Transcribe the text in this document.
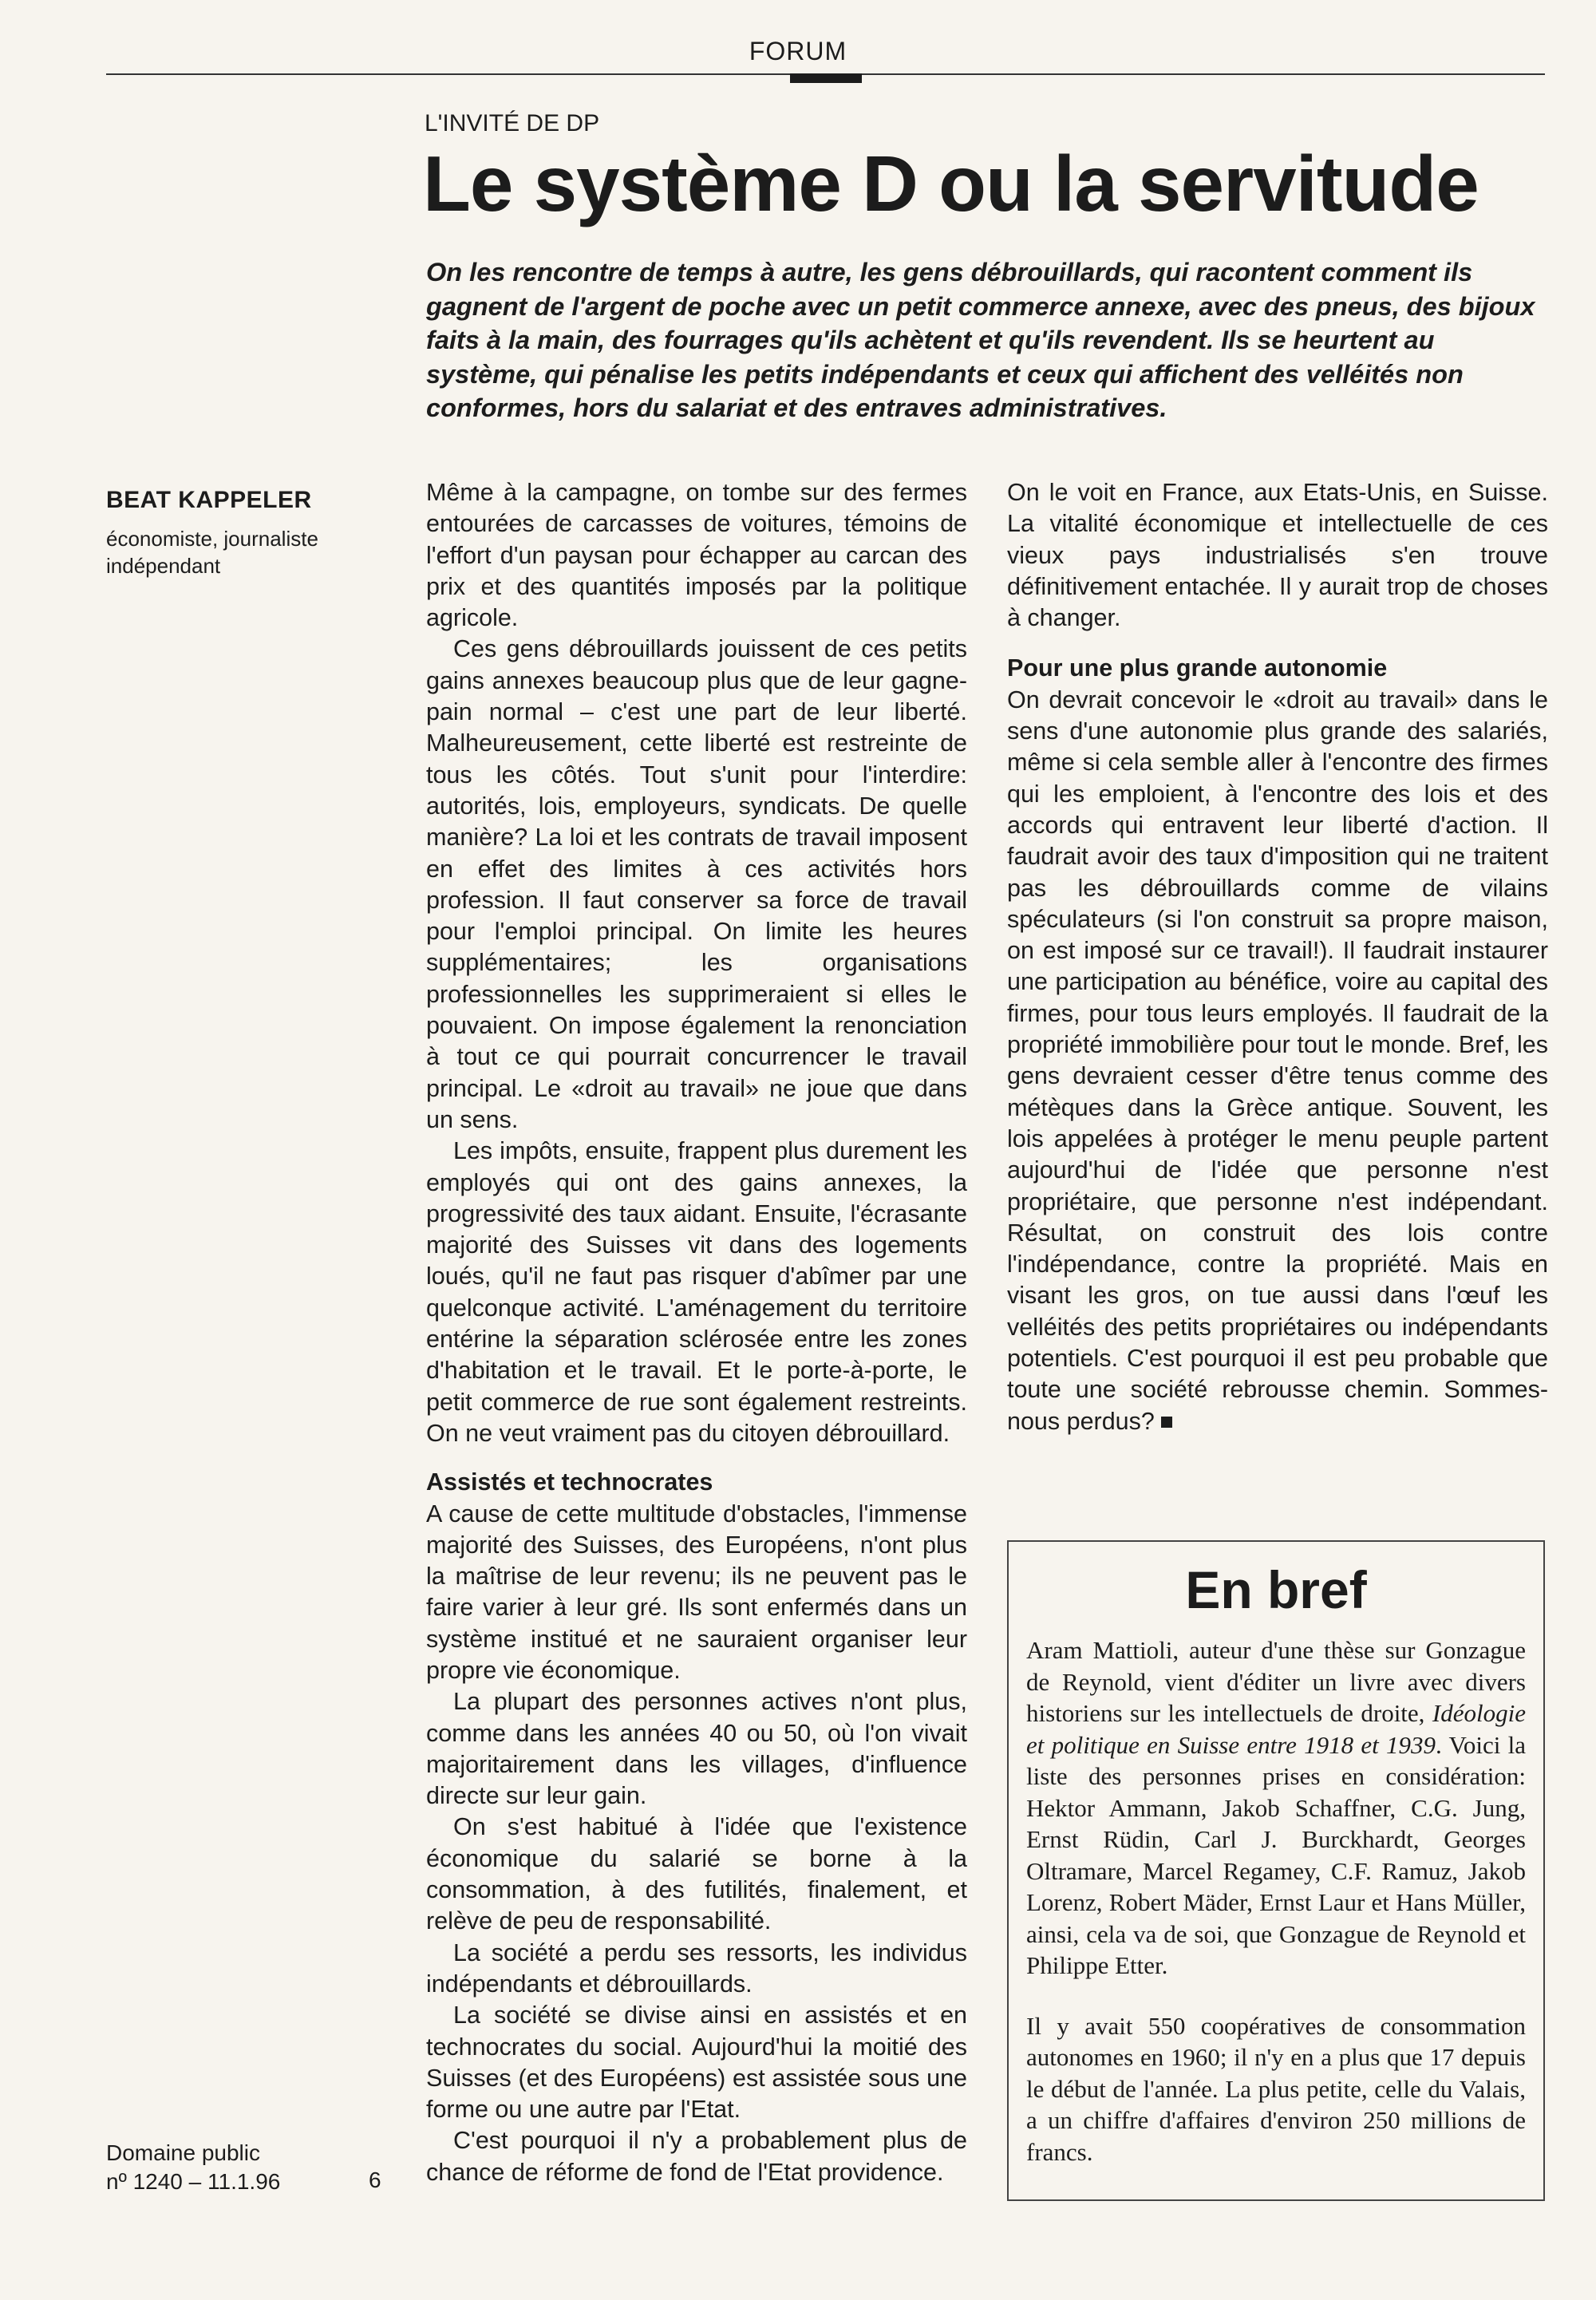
FORUM
L'INVITÉ DE DP
Le système D ou la servitude

On les rencontre de temps à autre, les gens débrouillards, qui racontent comment ils gagnent de l'argent de poche avec un petit commerce annexe, avec des pneus, des bijoux faits à la main, des fourrages qu'ils achètent et qu'ils revendent. Ils se heurtent au système, qui pénalise les petits indépendants et ceux qui affichent des velléités non conformes, hors du salariat et des entraves administratives.

BEAT KAPPELER
économiste, journaliste indépendant

Même à la campagne, on tombe sur des fermes entourées de carcasses de voitures, témoins de l'effort d'un paysan pour échapper au carcan des prix et des quantités imposés par la politique agricole.

Ces gens débrouillards jouissent de ces petits gains annexes beaucoup plus que de leur gagne-pain normal – c'est une part de leur liberté. Malheureusement, cette liberté est restreinte de tous les côtés. Tout s'unit pour l'interdire: autorités, lois, employeurs, syndicats. De quelle manière? La loi et les contrats de travail imposent en effet des limites à ces activités hors profession. Il faut conserver sa force de travail pour l'emploi principal. On limite les heures supplémentaires; les organisations professionnelles les supprimeraient si elles le pouvaient. On impose également la renonciation à tout ce qui pourrait concurrencer le travail principal. Le «droit au travail» ne joue que dans un sens.

Les impôts, ensuite, frappent plus durement les employés qui ont des gains annexes, la progressivité des taux aidant. Ensuite, l'écrasante majorité des Suisses vit dans des logements loués, qu'il ne faut pas risquer d'abîmer par une quelconque activité. L'aménagement du territoire entérine la séparation sclérosée entre les zones d'habitation et le travail. Et le porte-à-porte, le petit commerce de rue sont également restreints. On ne veut vraiment pas du citoyen débrouillard.

Assistés et technocrates

A cause de cette multitude d'obstacles, l'immense majorité des Suisses, des Européens, n'ont plus la maîtrise de leur revenu; ils ne peuvent pas le faire varier à leur gré. Ils sont enfermés dans un système institué et ne sauraient organiser leur propre vie économique.

La plupart des personnes actives n'ont plus, comme dans les années 40 ou 50, où l'on vivait majoritairement dans les villages, d'influence directe sur leur gain.

On s'est habitué à l'idée que l'existence économique du salarié se borne à la consommation, à des futilités, finalement, et relève de peu de responsabilité.

La société a perdu ses ressorts, les individus indépendants et débrouillards.

La société se divise ainsi en assistés et en technocrates du social. Aujourd'hui la moitié des Suisses (et des Européens) est assistée sous une forme ou une autre par l'Etat.

C'est pourquoi il n'y a probablement plus de chance de réforme de fond de l'Etat providence.

On le voit en France, aux Etats-Unis, en Suisse. La vitalité économique et intellectuelle de ces vieux pays industrialisés s'en trouve définitivement entachée. Il y aurait trop de choses à changer.

Pour une plus grande autonomie

On devrait concevoir le «droit au travail» dans le sens d'une autonomie plus grande des salariés, même si cela semble aller à l'encontre des firmes qui les emploient, à l'encontre des lois et des accords qui entravent leur liberté d'action. Il faudrait avoir des taux d'imposition qui ne traitent pas les débrouillards comme de vilains spéculateurs (si l'on construit sa propre maison, on est imposé sur ce travail!). Il faudrait instaurer une participation au bénéfice, voire au capital des firmes, pour tous leurs employés. Il faudrait de la propriété immobilière pour tout le monde. Bref, les gens devraient cesser d'être tenus comme des métèques dans la Grèce antique. Souvent, les lois appelées à protéger le menu peuple partent aujourd'hui de l'idée que personne n'est propriétaire, que personne n'est indépendant. Résultat, on construit des lois contre l'indépendance, contre la propriété. Mais en visant les gros, on tue aussi dans l'œuf les velléités des petits propriétaires ou indépendants potentiels. C'est pourquoi il est peu probable que toute une société rebrousse chemin. Sommes-nous perdus?

En bref

Aram Mattioli, auteur d'une thèse sur Gonzague de Reynold, vient d'éditer un livre avec divers historiens sur les intellectuels de droite, Idéologie et politique en Suisse entre 1918 et 1939. Voici la liste des personnes prises en considération: Hektor Ammann, Jakob Schaffner, C.G. Jung, Ernst Rüdin, Carl J. Burckhardt, Georges Oltramare, Marcel Regamey, C.F. Ramuz, Jakob Lorenz, Robert Mäder, Ernst Laur et Hans Müller, ainsi, cela va de soi, que Gonzague de Reynold et Philippe Etter.

Il y avait 550 coopératives de consommation autonomes en 1960; il n'y en a plus que 17 depuis le début de l'année. La plus petite, celle du Valais, a un chiffre d'affaires d'environ 250 millions de francs.

Domaine public
nº 1240 – 11.1.96	6
